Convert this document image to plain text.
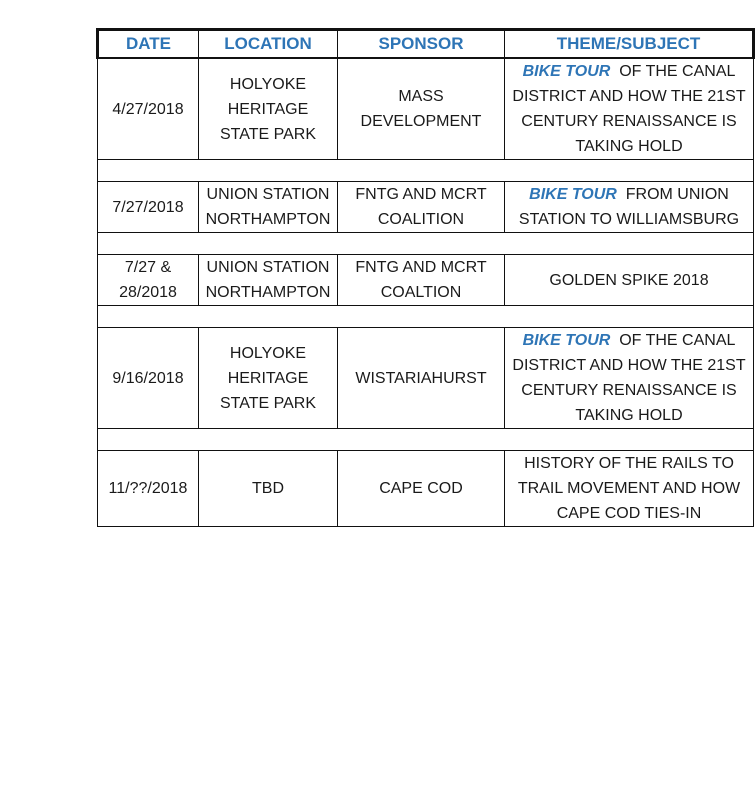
DATE	LOCATION	SPONSOR	THEME/SUBJECT
4/27/2018	HOLYOKE HERITAGE STATE PARK	MASS DEVELOPMENT	BIKE TOUR OF THE CANAL DISTRICT AND HOW THE 21ST CENTURY RENAISSANCE IS TAKING HOLD

7/27/2018	UNION STATION NORTHAMPTON	FNTG AND MCRT COALITION	BIKE TOUR FROM UNION STATION TO WILLIAMSBURG

7/27 & 28/2018	UNION STATION NORTHAMPTON	FNTG AND MCRT COALTION	GOLDEN SPIKE 2018

9/16/2018	HOLYOKE HERITAGE STATE PARK	WISTARIAHURST	BIKE TOUR OF THE CANAL DISTRICT AND HOW THE 21ST CENTURY RENAISSANCE IS TAKING HOLD

11/??/2018	TBD	CAPE COD	HISTORY OF THE RAILS TO TRAIL MOVEMENT AND HOW CAPE COD TIES-IN
